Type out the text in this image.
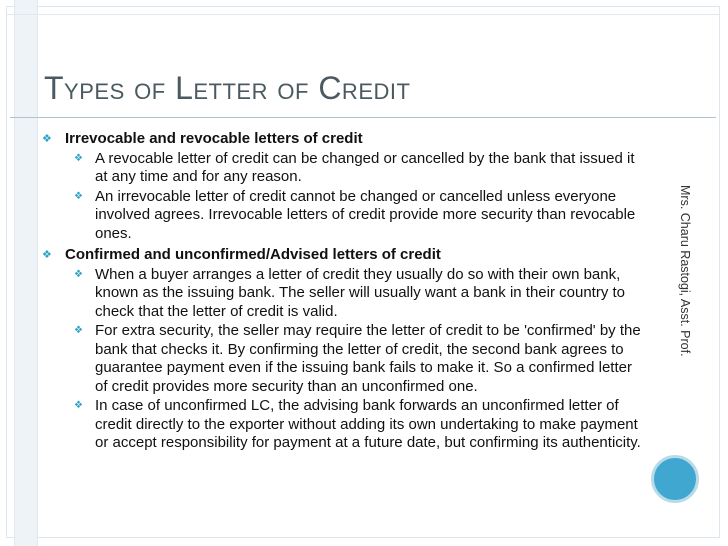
Types of Letter of Credit
❖ Irrevocable and revocable letters of credit
❖ A revocable letter of credit can be changed or cancelled by the bank that issued it at any time and for any reason.
❖ An irrevocable letter of credit cannot be changed or cancelled unless everyone involved agrees. Irrevocable letters of credit provide more security than revocable ones.
❖ Confirmed and unconfirmed/Advised letters of credit
❖ When a buyer arranges a letter of credit they usually do so with their own bank, known as the issuing bank. The seller will usually want a bank in their country to check that the letter of credit is valid.
❖ For extra security, the seller may require the letter of credit to be 'confirmed' by the bank that checks it. By confirming the letter of credit, the second bank agrees to guarantee payment even if the issuing bank fails to make it. So a confirmed letter of credit provides more security than an unconfirmed one.
❖ In case of unconfirmed LC, the advising bank forwards an unconfirmed letter of credit directly to the exporter without adding its own undertaking to make payment or accept responsibility for payment at a future date, but confirming its authenticity.
Mrs. Charu Rastogi, Asst. Prof.
